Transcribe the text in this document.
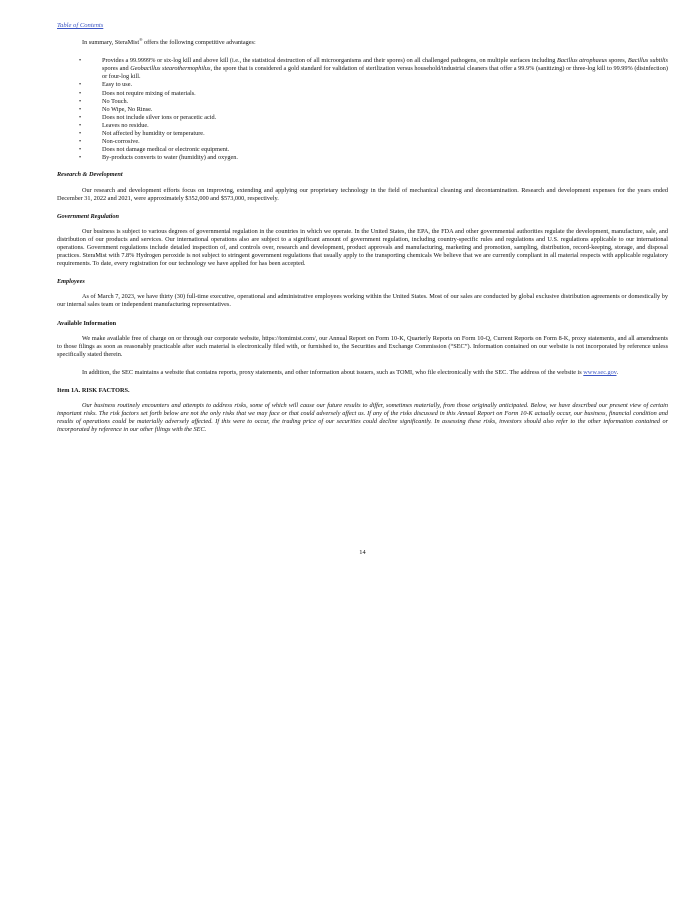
Table of Contents

In summary, SteraMist® offers the following competitive advantages:

•	Provides a 99.9999% or six-log kill and above kill (i.e., the statistical destruction of all microorganisms and their spores) on all challenged pathogens, on multiple surfaces including Bacillus atrophaeus spores, Bacillus subtilis spores and Geobacillus stearothermophilus, the spore that is considered a gold standard for validation of sterilization versus household/industrial cleaners that offer a 99.9% (sanitizing) or three-log kill to 99.99% (disinfection) or four-log kill.
•	Easy to use.
•	Does not require mixing of materials.
•	No Touch.
•	No Wipe, No Rinse.
•	Does not include silver ions or peracetic acid.
•	Leaves no residue.
•	Not affected by humidity or temperature.
•	Non-corrosive.
•	Does not damage medical or electronic equipment.
•	By-products converts to water (humidity) and oxygen.

Research & Development

Our research and development efforts focus on improving, extending and applying our proprietary technology in the field of mechanical cleaning and decontamination. Research and development expenses for the years ended December 31, 2022 and 2021, were approximately $352,000 and $573,000, respectively.

Government Regulation

Our business is subject to various degrees of governmental regulation in the countries in which we operate. In the United States, the EPA, the FDA and other governmental authorities regulate the development, manufacture, sale, and distribution of our products and services. Our international operations also are subject to a significant amount of government regulation, including country-specific rules and regulations and U.S. regulations applicable to our international operations. Government regulations include detailed inspection of, and controls over, research and development, product approvals and manufacturing, marketing and promotion, sampling, distribution, record-keeping, storage, and disposal practices. SteraMist with 7.8% Hydrogen peroxide is not subject to stringent government regulations that usually apply to the transporting chemicals We believe that we are currently compliant in all material respects with applicable regulatory requirements. To date, every registration for our technology we have applied for has been accepted.

Employees

As of March 7, 2023, we have thirty (30) full-time executive, operational and administrative employees working within the United States. Most of our sales are conducted by global exclusive distribution agreements or domestically by our internal sales team or independent manufacturing representatives.

Available Information

We make available free of charge on or through our corporate website, https://tomimist.com/, our Annual Report on Form 10-K, Quarterly Reports on Form 10-Q, Current Reports on Form 8-K, proxy statements, and all amendments to those filings as soon as reasonably practicable after such material is electronically filed with, or furnished to, the Securities and Exchange Commission (“SEC”). Information contained on our website is not incorporated by reference unless specifically stated therein.

In addition, the SEC maintains a website that contains reports, proxy statements, and other information about issuers, such as TOMI, who file electronically with the SEC. The address of the website is www.sec.gov.

Item 1A. RISK FACTORS.

Our business routinely encounters and attempts to address risks, some of which will cause our future results to differ, sometimes materially, from those originally anticipated. Below, we have described our present view of certain important risks. The risk factors set forth below are not the only risks that we may face or that could adversely affect us. If any of the risks discussed in this Annual Report on Form 10-K actually occur, our business, financial condition and results of operations could be materially adversely affected. If this were to occur, the trading price of our securities could decline significantly. In assessing these risks, investors should also refer to the other information contained or incorporated by reference in our other filings with the SEC.

14
